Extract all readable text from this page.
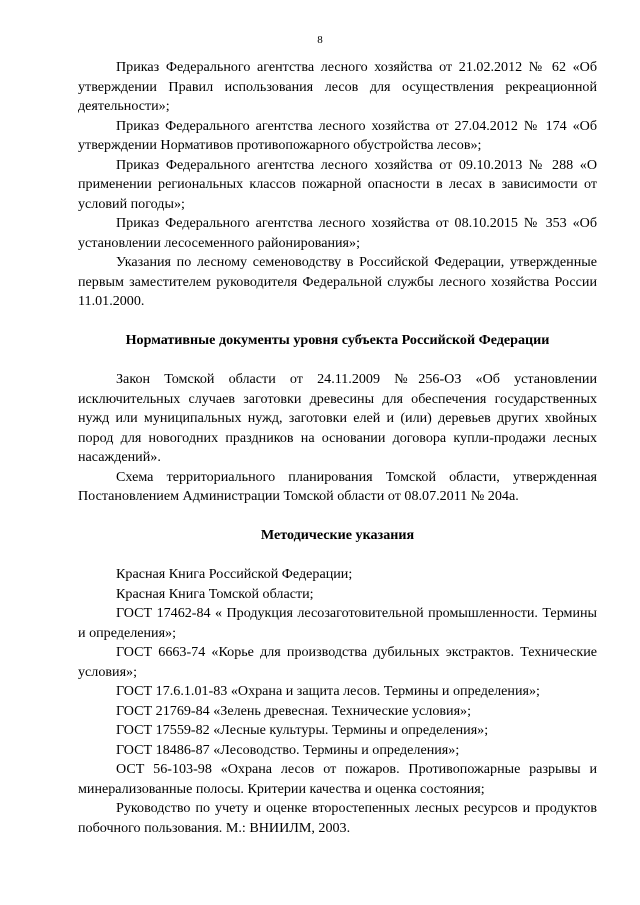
8

Приказ Федерального агентства лесного хозяйства от 21.02.2012 № 62 «Об утверждении Правил использования лесов для осуществления рекреационной деятельности»;

Приказ Федерального агентства лесного хозяйства от 27.04.2012 № 174 «Об утверждении Нормативов противопожарного обустройства лесов»;

Приказ Федерального агентства лесного хозяйства от 09.10.2013 № 288 «О применении региональных классов пожарной опасности в лесах в зависимости от условий погоды»;

Приказ Федерального агентства лесного хозяйства от 08.10.2015 № 353 «Об установлении лесосеменного районирования»;

Указания по лесному семеноводству в Российской Федерации, утвержденные первым заместителем руководителя Федеральной службы лесного хозяйства России 11.01.2000.

Нормативные документы уровня субъекта Российской Федерации

Закон Томской области от 24.11.2009 №256-ОЗ «Об установлении исключительных случаев заготовки древесины для обеспечения государственных нужд или муниципальных нужд, заготовки елей и (или) деревьев других хвойных пород для новогодних праздников на основании договора купли-продажи лесных насаждений».

Схема территориального планирования Томской области, утвержденная Постановлением Администрации Томской области от 08.07.2011 № 204а.

Методические указания

Красная Книга Российской Федерации;

Красная Книга Томской области;

ГОСТ 17462-84 « Продукция лесозаготовительной промышленности. Термины и определения»;

ГОСТ 6663-74 «Корье для производства дубильных экстрактов. Технические условия»;

ГОСТ 17.6.1.01-83 «Охрана и защита лесов. Термины и определения»;

ГОСТ 21769-84 «Зелень древесная. Технические условия»;

ГОСТ 17559-82 «Лесные культуры. Термины и определения»;

ГОСТ 18486-87 «Лесоводство. Термины и определения»;

ОСТ 56-103-98 «Охрана лесов от пожаров. Противопожарные разрывы и минерализованные полосы. Критерии качества и оценка состояния;

Руководство по учету и оценке второстепенных лесных ресурсов и продуктов побочного пользования. М.: ВНИИЛМ, 2003.
